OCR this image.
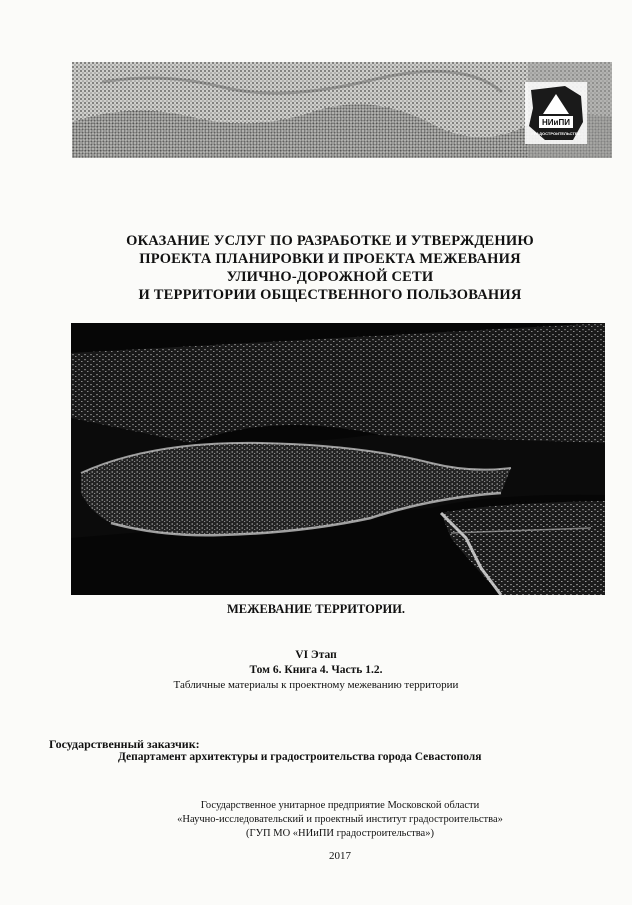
НИиПИ
ГРАДОСТРОИТЕЛЬСТВА
ОКАЗАНИЕ УСЛУГ ПО РАЗРАБОТКЕ И УТВЕРЖДЕНИЮ
ПРОЕКТА ПЛАНИРОВКИ И ПРОЕКТА МЕЖЕВАНИЯ
УЛИЧНО-ДОРОЖНОЙ СЕТИ
И ТЕРРИТОРИИ ОБЩЕСТВЕННОГО ПОЛЬЗОВАНИЯ
МЕЖЕВАНИЕ ТЕРРИТОРИИ.
VI Этап
Том 6. Книга 4. Часть 1.2.
Табличные материалы к проектному межеванию территории
Государственный заказчик:
Департамент архитектуры и градостроительства города Севастополя
Государственное унитарное предприятие Московской области
«Научно-исследовательский и проектный институт градостроительства»
(ГУП МО «НИиПИ градостроительства»)
2017
